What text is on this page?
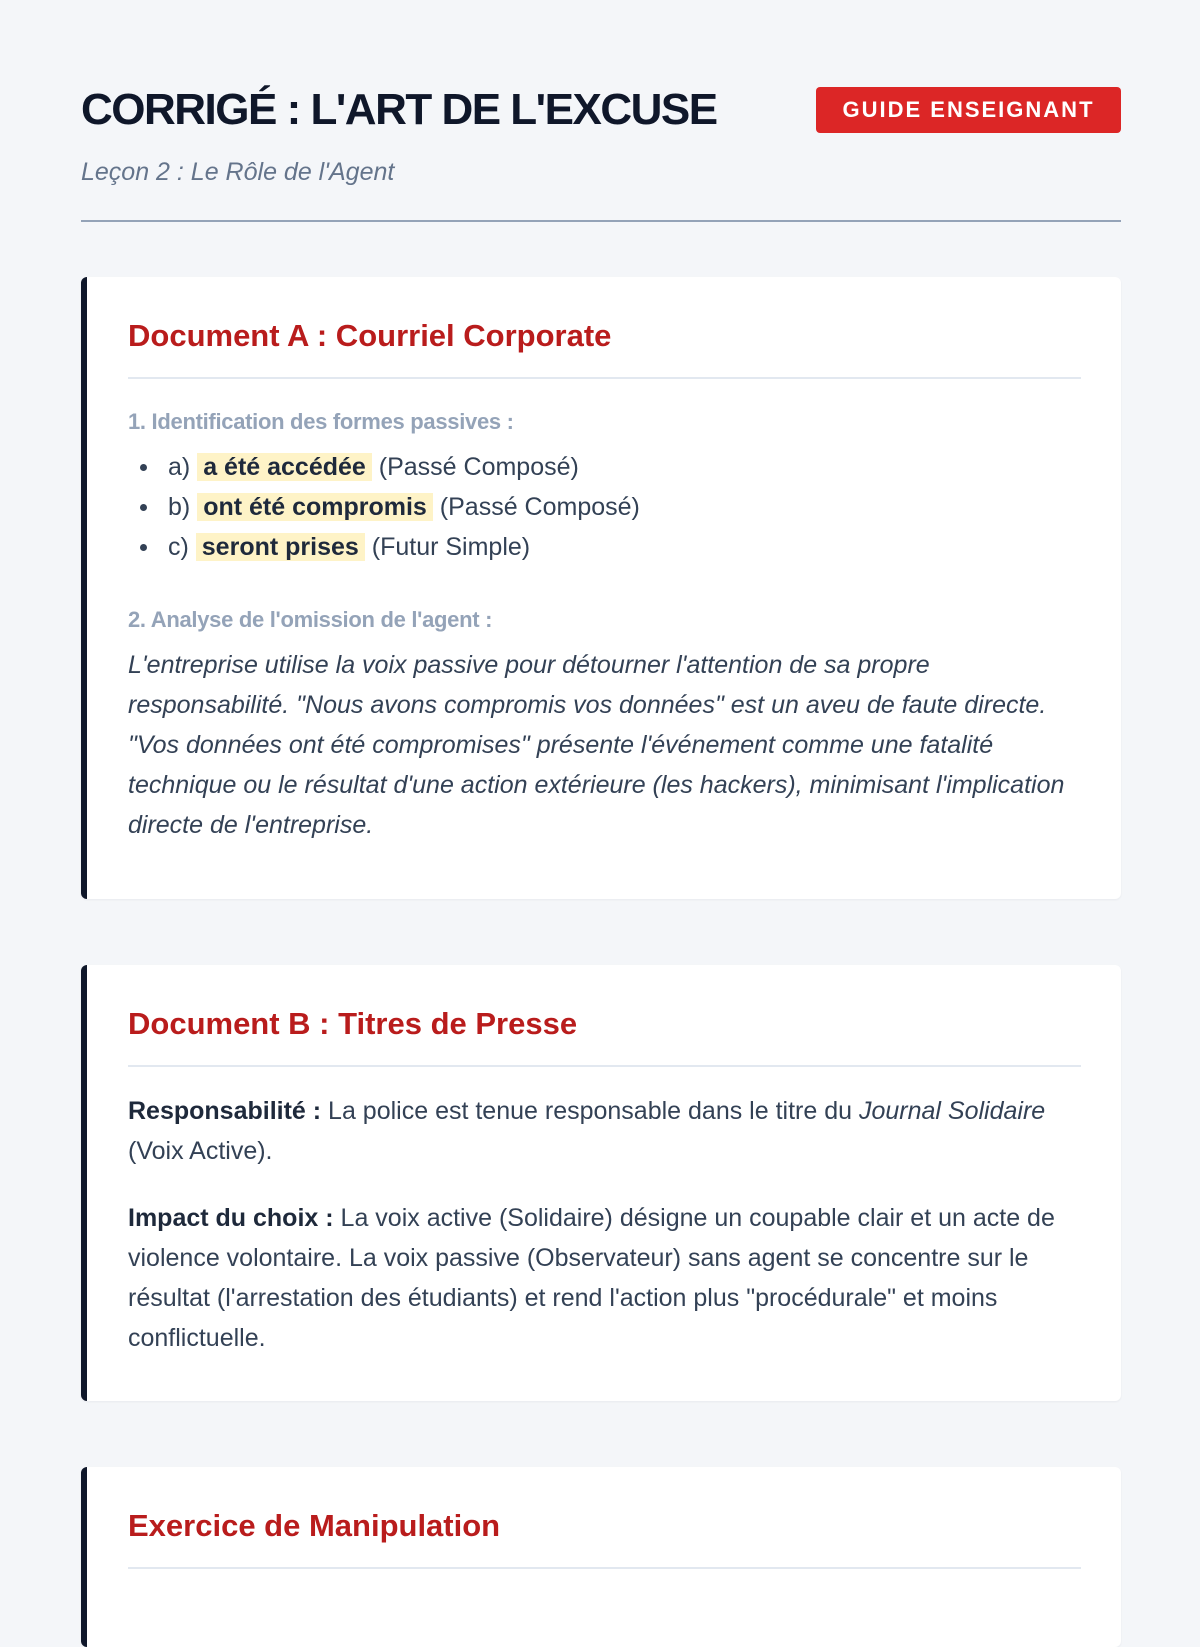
CORRIGÉ : L'ART DE L'EXCUSE
Leçon 2 : Le Rôle de l'Agent
GUIDE ENSEIGNANT
Document A : Courriel Corporate
1. Identification des formes passives :
a) a été accédée (Passé Composé)
b) ont été compromis (Passé Composé)
c) seront prises (Futur Simple)
2. Analyse de l'omission de l'agent :

L'entreprise utilise la voix passive pour détourner l'attention de sa propre responsabilité. "Nous avons compromis vos données" est un aveu de faute directe. "Vos données ont été compromises" présente l'événement comme une fatalité technique ou le résultat d'une action extérieure (les hackers), minimisant l'implication directe de l'entreprise.

Document B : Titres de Presse

Responsabilité : La police est tenue responsable dans le titre du Journal Solidaire (Voix Active).

Impact du choix : La voix active (Solidaire) désigne un coupable clair et un acte de violence volontaire. La voix passive (Observateur) sans agent se concentre sur le résultat (l'arrestation des étudiants) et rend l'action plus "procédurale" et moins conflictuelle.

Exercice de Manipulation
